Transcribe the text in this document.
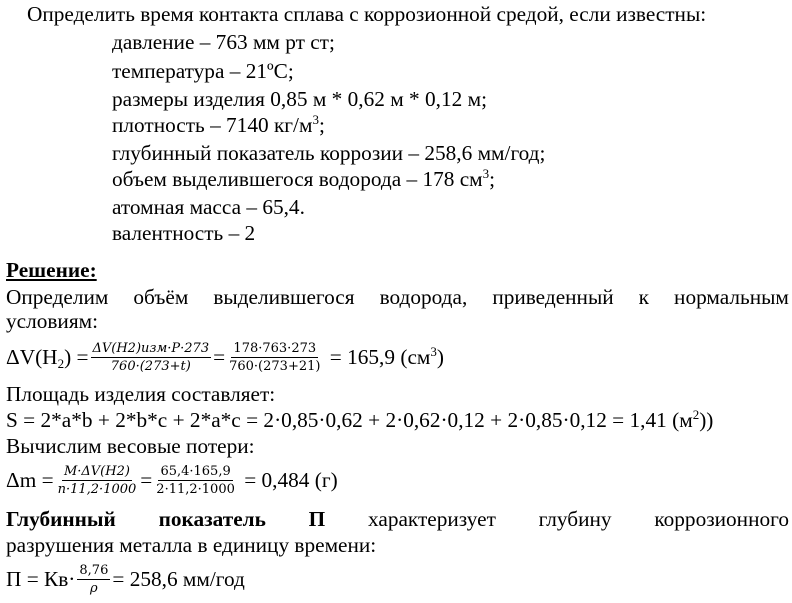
Определить время контакта сплава с коррозионной средой, если известны:
давление – 763 мм рт ст;
температура – 21ºС;
размеры изделия 0,85 м * 0,62 м * 0,12 м;
плотность – 7140 $кг/м^3$;
глубинный показатель коррозии – 258,6 мм/год;
объем выделившегося водорода – 178 $см^3$;
атомная масса – 65,4.
валентность – 2
Решение:
Определим объём выделившегося водорода, приведенный к нормальным
условиям:
$\Delta V(H_2) = \frac{\text{ΔV(H2)изм·P·273}}{760\cdot(273+t)} = \frac{178\cdot 763\cdot 273}{760\cdot(273+21)} = 165,9$ $(см^3)$
Площадь изделия составляет:
S = 2*a*b + 2*b*c + 2*a*c = 2·0,85·0,62 + 2·0,62·0,12 + 2·0,85·0,12 = 1,41 $(м^2)$)
Вычислим весовые потери:
$\Delta m = \frac{M\cdot\Delta V(H2)}{n\cdot 11,2\cdot 1000} = \frac{65,4\cdot 165,9}{2\cdot 11,2\cdot 1000} = 0,484$ (г)
Глубинный показатель П характеризует глубину коррозионного
разрушения металла в единицу времени:
$П = Кв\cdot \frac{8,76}{\rho} = 258,6$ мм/год
